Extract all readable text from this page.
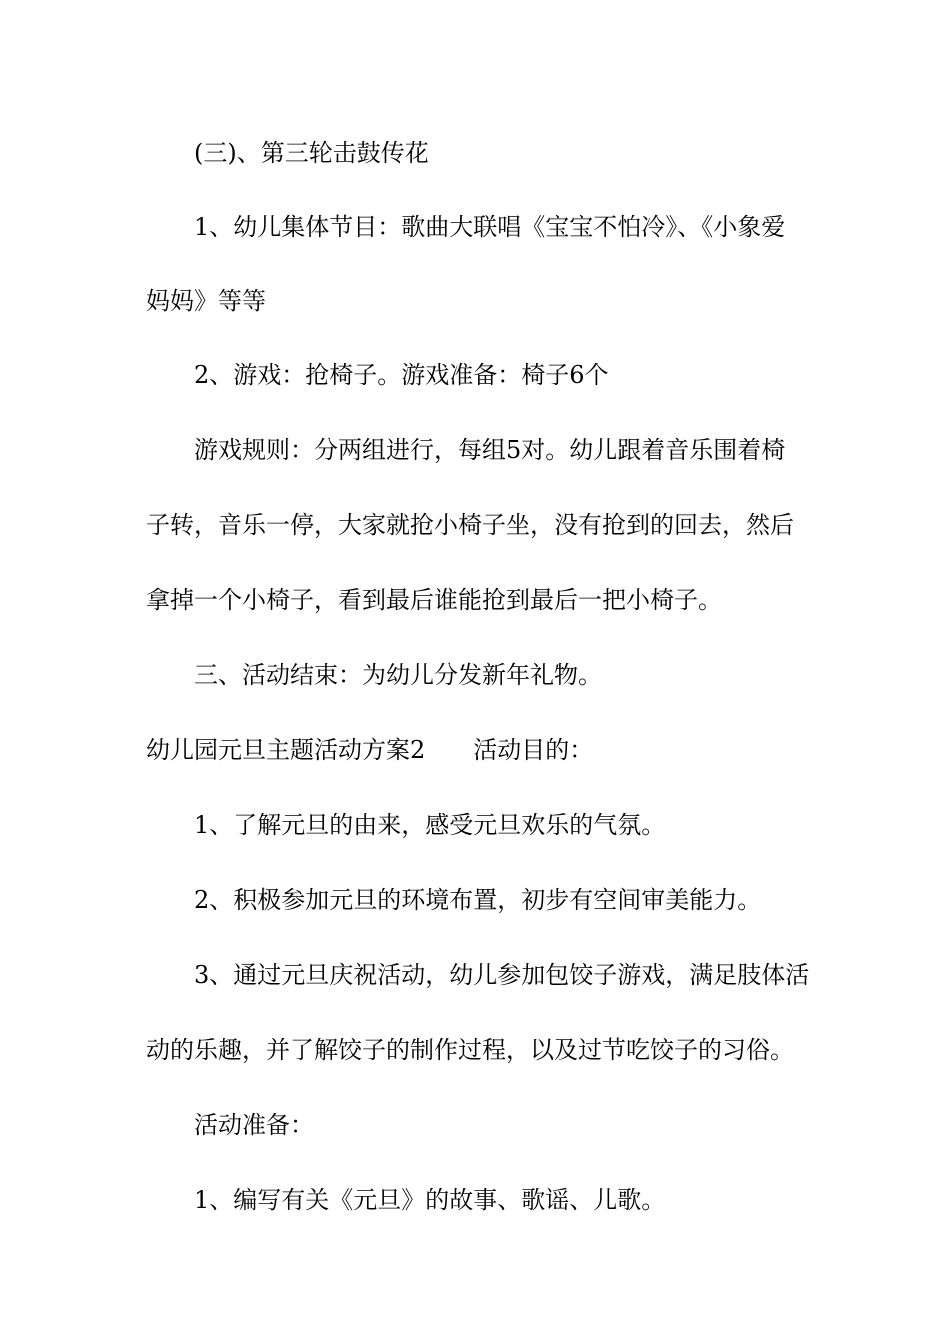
(三)、第三轮击鼓传花
1、幼儿集体节目：歌曲大联唱《宝宝不怕冷》、《小象爱
妈妈》等等
2、游戏：抢椅子。游戏准备：椅子6个
游戏规则：分两组进行，每组5对。幼儿跟着音乐围着椅
子转，音乐一停，大家就抢小椅子坐，没有抢到的回去，然后
拿掉一个小椅子，看到最后谁能抢到最后一把小椅子。
三、活动结束：为幼儿分发新年礼物。
幼儿园元旦主题活动方案2 活动目的：
1、了解元旦的由来，感受元旦欢乐的气氛。
2、积极参加元旦的环境布置，初步有空间审美能力。
3、通过元旦庆祝活动，幼儿参加包饺子游戏，满足肢体活
动的乐趣，并了解饺子的制作过程，以及过节吃饺子的习俗。
活动准备：
1、编写有关《元旦》的故事、歌谣、儿歌。
